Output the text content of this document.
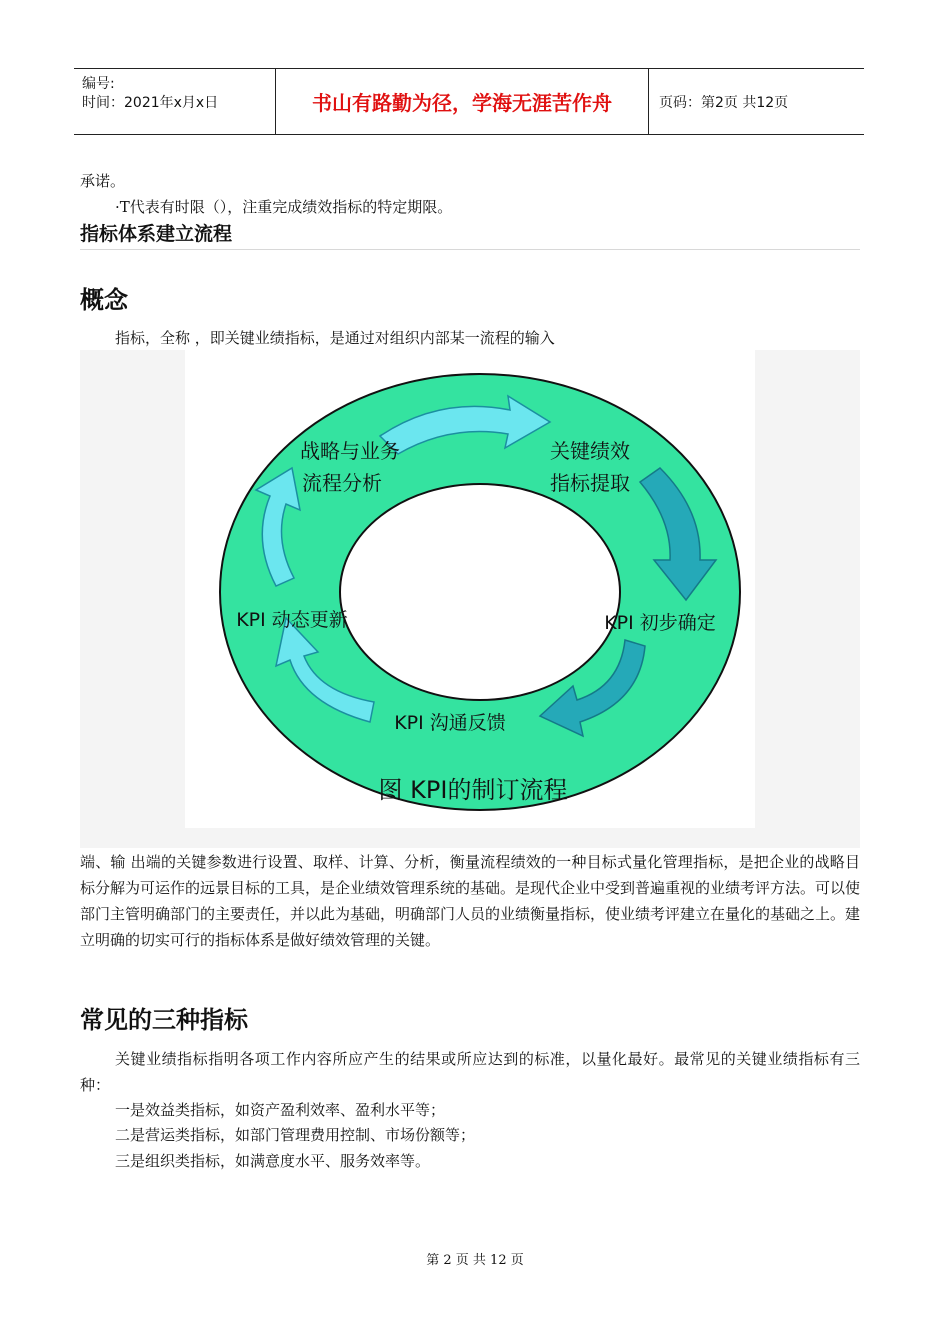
编号:
时间：2021年x月x日	书山有路勤为径，学海无涯苦作舟	页码：第2页 共12页
承诺。
·T代表有时限（），注重完成绩效指标的特定期限。
指标体系建立流程
概念
指标，全称 ，即关键业绩指标，是通过对组织内部某一流程的输入
战略与业务
流程分析
关键绩效
指标提取
KPI 初步确定
KPI 沟通反馈
KPI 动态更新
图 KPI的制订流程
端、输 出端的关键参数进行设置、取样、计算、分析，衡量流程绩效的一种目标式量化管理指标，是把企业的战略目标分解为可运作的远景目标的工具，是企业绩效管理系统的基础。是现代企业中受到普遍重视的业绩考评方法。可以使部门主管明确部门的主要责任，并以此为基础，明确部门人员的业绩衡量指标，使业绩考评建立在量化的基础之上。建立明确的切实可行的指标体系是做好绩效管理的关键。
常见的三种指标
关键业绩指标指明各项工作内容所应产生的结果或所应达到的标准，以量化最好。最常见的关键业绩指标有三种：
一是效益类指标，如资产盈利效率、盈利水平等；
二是营运类指标，如部门管理费用控制、市场份额等；
三是组织类指标，如满意度水平、服务效率等。
第 2 页 共 12 页
